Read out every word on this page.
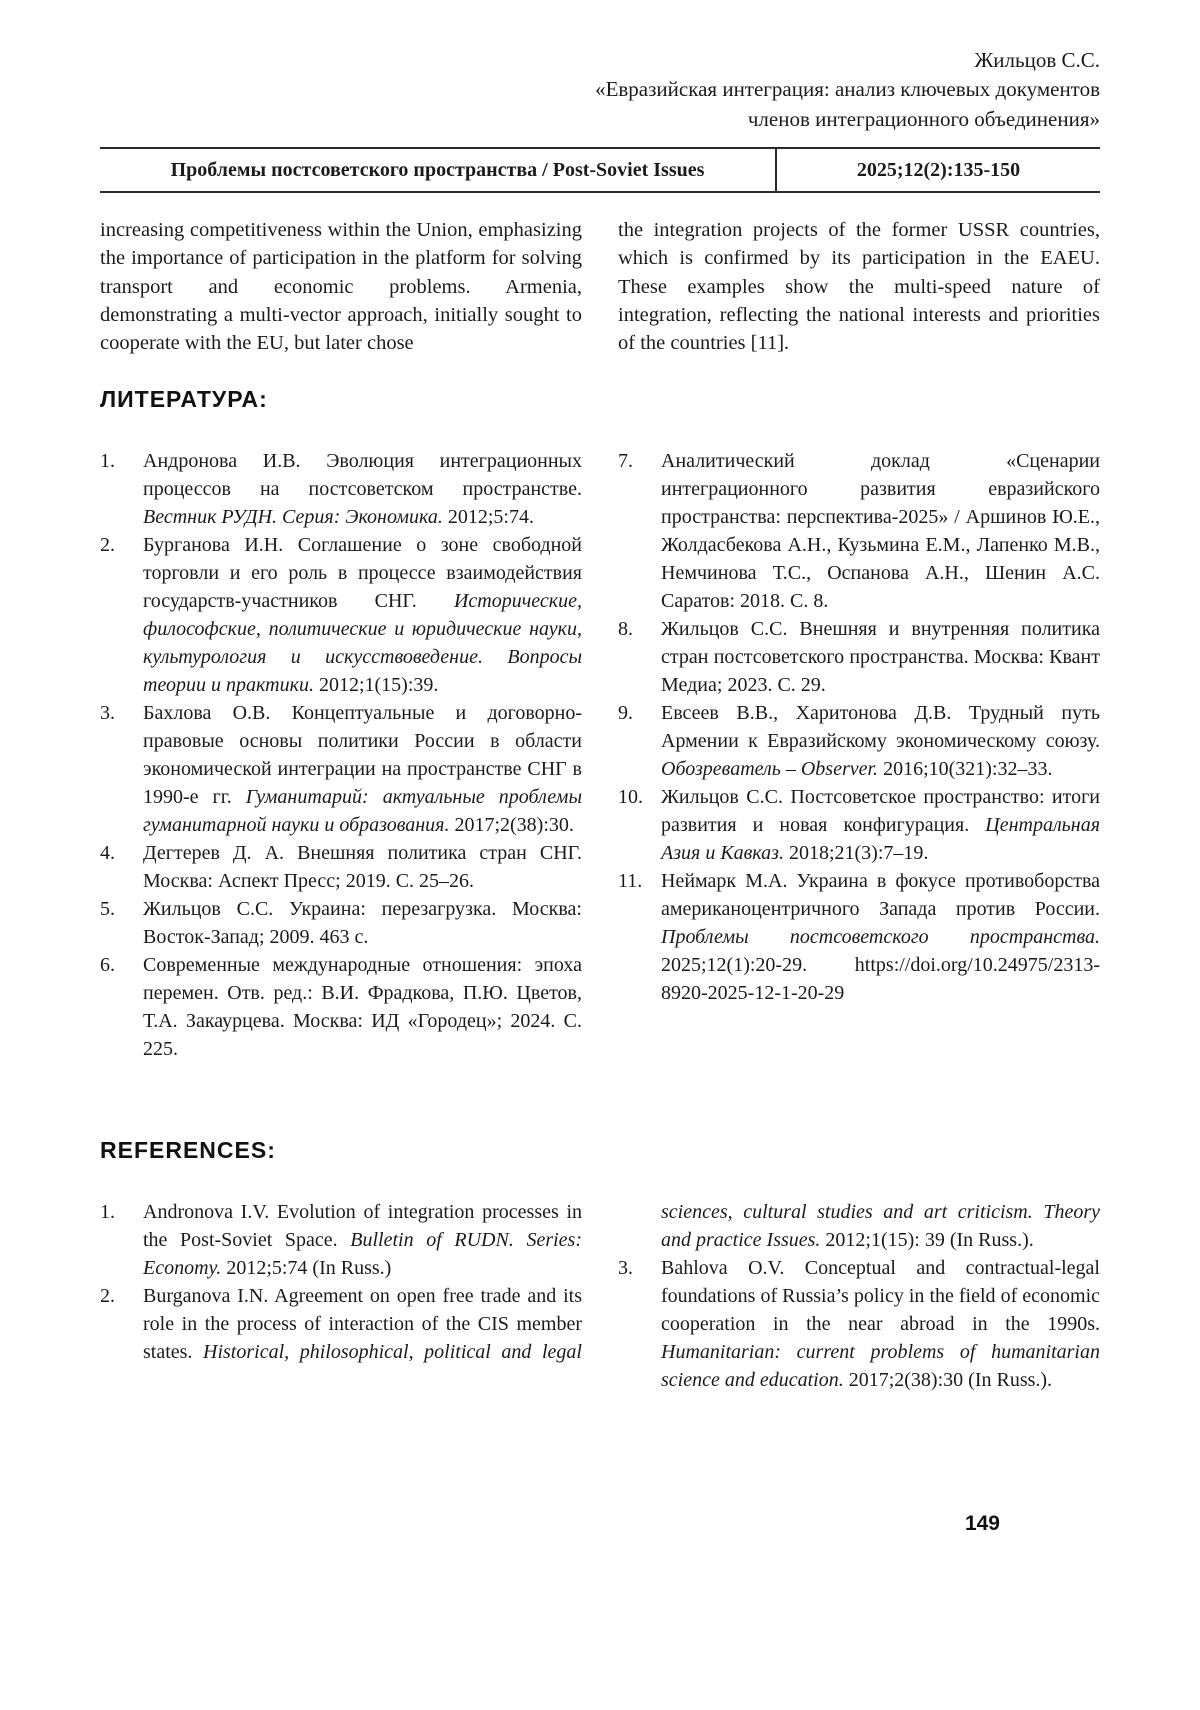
Жильцов С.С.
«Евразийская интеграция: анализ ключевых документов
членов интеграционного объединения»
Проблемы постсоветского пространства / Post-Soviet Issues	2025;12(2):135-150

increasing competitiveness within the Union, emphasizing the importance of participation in the platform for solving transport and economic problems. Armenia, demonstrating a multi-vector approach, initially sought to cooperate with the EU, but later chose

the integration projects of the former USSR countries, which is confirmed by its participation in the EAEU. These examples show the multi-speed nature of integration, reflecting the national interests and priorities of the countries [11].

ЛИТЕРАТУРА:
1. Андронова И.В. Эволюция интеграционных процессов на постсоветском пространстве. Вестник РУДН. Серия: Экономика. 2012;5:74.
2. Бурганова И.Н. Соглашение о зоне свободной торговли и его роль в процессе взаимодействия государств-участников СНГ. Исторические, философские, политические и юридические науки, культурология и искусствоведение. Вопросы теории и практики. 2012;1(15):39.
3. Бахлова О.В. Концептуальные и договорно-правовые основы политики России в области экономической интеграции на пространстве СНГ в 1990-е гг. Гуманитарий: актуальные проблемы гуманитарной науки и образования. 2017;2(38):30.
4. Дегтерев Д. А. Внешняя политика стран СНГ. Москва: Аспект Пресс; 2019. С. 25–26.
5. Жильцов С.С. Украина: перезагрузка. Москва: Восток-Запад; 2009. 463 с.
6. Современные международные отношения: эпоха перемен. Отв. ред.: В.И. Фрадкова, П.Ю. Цветов, Т.А. Закаурцева. Москва: ИД «Городец»; 2024. С. 225.
7. Аналитический доклад «Сценарии интеграционного развития евразийского пространства: перспектива-2025» / Аршинов Ю.Е., Жолдасбекова А.Н., Кузьмина Е.М., Лапенко М.В., Немчинова Т.С., Оспанова А.Н., Шенин А.С. Саратов: 2018. С. 8.
8. Жильцов С.С. Внешняя и внутренняя политика стран постсоветского пространства. Москва: Квант Медиа; 2023. С. 29.
9. Евсеев В.В., Харитонова Д.В. Трудный путь Армении к Евразийскому экономическому союзу. Обозреватель – Observer. 2016;10(321):32–33.
10. Жильцов С.С. Постсоветское пространство: итоги развития и новая конфигурация. Центральная Азия и Кавказ. 2018;21(3):7–19.
11. Неймарк М.А. Украина в фокусе противоборства американоцентричного Запада против России. Проблемы постсоветского пространства. 2025;12(1):20-29. https://doi.org/10.24975/2313-8920-2025-12-1-20-29
REFERENCES:
1. Andronova I.V. Evolution of integration processes in the Post-Soviet Space. Bulletin of RUDN. Series: Economy. 2012;5:74 (In Russ.)
2. Burganova I.N. Agreement on open free trade and its role in the process of interaction of the CIS member states. Historical, philosophical, political and legal sciences, cultural studies and art criticism. Theory and practice Issues. 2012;1(15): 39 (In Russ.).
3. Bahlova O.V. Conceptual and contractual-legal foundations of Russia’s policy in the field of economic cooperation in the near abroad in the 1990s. Humanitarian: current problems of humanitarian science and education. 2017;2(38):30 (In Russ.).
149
